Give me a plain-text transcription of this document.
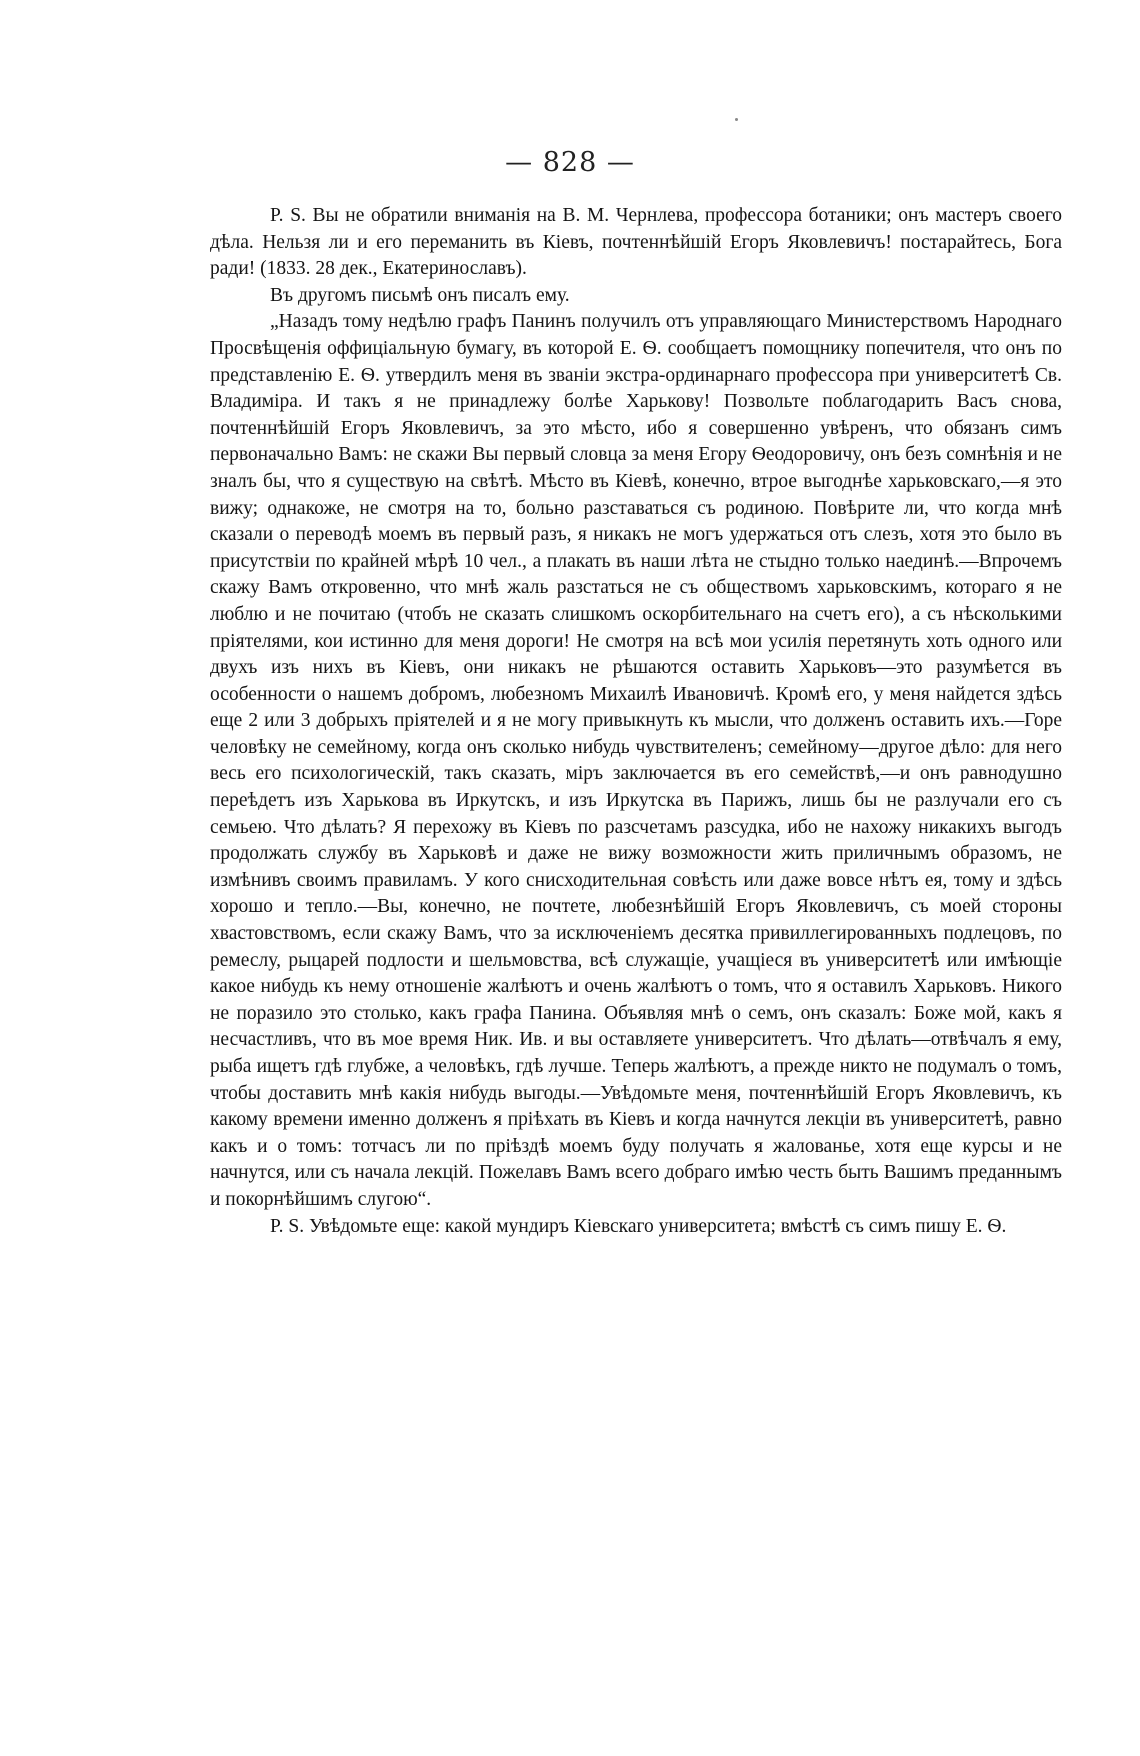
— 828 —

P. S. Вы не обратили вниманія на В. М. Чернлева, профессора ботаники; онъ мастеръ своего дѣла. Нельзя ли и его переманить въ Кіевъ, почтеннѣйшій Егоръ Яковлевичъ! постарайтесь, Бога ради! (1833. 28 дек., Екатеринославъ).

Въ другомъ письмѣ онъ писалъ ему.

„Назадъ тому недѣлю графъ Панинъ получилъ отъ управляющаго Министерствомъ Народнаго Просвѣщенія оффиціальную бумагу, въ которой Е. Ѳ. сообщаетъ помощнику попечителя, что онъ по представленію Е. Ѳ. утвердилъ меня въ званіи экстра-ординарнаго профессора при университетѣ Св. Владиміра. И такъ я не принадлежу болѣе Харькову! Позвольте поблагодарить Васъ снова, почтеннѣйшій Егоръ Яковлевичъ, за это мѣсто, ибо я совершенно увѣренъ, что обязанъ симъ первоначально Вамъ: не скажи Вы первый словца за меня Егору Ѳеодоровичу, онъ безъ сомнѣнія и не зналъ бы, что я существую на свѣтѣ. Мѣсто въ Кіевѣ, конечно, втрое выгоднѣе харьковскаго,—я это вижу; однакоже, не смотря на то, больно разставаться съ родиною. Повѣрите ли, что когда мнѣ сказали о переводѣ моемъ въ первый разъ, я никакъ не могъ удержаться отъ слезъ, хотя это было въ присутствіи по крайней мѣрѣ 10 чел., а плакать въ наши лѣта не стыдно только наединѣ.—Впрочемъ скажу Вамъ откровенно, что мнѣ жаль разстаться не съ обществомъ харьковскимъ, котораго я не люблю и не почитаю (чтобъ не сказать слишкомъ оскорбительнаго на счетъ его), а съ нѣсколькими пріятелями, кои истинно для меня дороги! Не смотря на всѣ мои усилія перетянуть хоть одного или двухъ изъ нихъ въ Кіевъ, они никакъ не рѣшаются оставить Харьковъ—это разумѣется въ особенности о нашемъ добромъ, любезномъ Михаилѣ Ивановичѣ. Кромѣ его, у меня найдется здѣсь еще 2 или 3 добрыхъ пріятелей и я не могу привыкнуть къ мысли, что долженъ оставить ихъ.—Горе человѣку не семейному, когда онъ сколько нибудь чувствителенъ; семейному—другое дѣло: для него весь его психологическій, такъ сказать, міръ заключается въ его семействѣ,—и онъ равнодушно переѣдетъ изъ Харькова въ Иркутскъ, и изъ Иркутска въ Парижъ, лишь бы не разлучали его съ семьею. Что дѣлать? Я перехожу въ Кіевъ по разсчетамъ разсудка, ибо не нахожу никакихъ выгодъ продолжать службу въ Харьковѣ и даже не вижу возможности жить приличнымъ образомъ, не измѣнивъ своимъ правиламъ. У кого снисходительная совѣсть или даже вовсе нѣтъ ея, тому и здѣсь хорошо и тепло.—Вы, конечно, не почтете, любезнѣйшій Егоръ Яковлевичъ, съ моей стороны хвастовствомъ, если скажу Вамъ, что за исключеніемъ десятка привиллегированныхъ подлецовъ, по ремеслу, рыцарей подлости и шельмовства, всѣ служащіе, учащіеся въ университетѣ или имѣющіе какое нибудь къ нему отношеніе жалѣютъ и очень жалѣютъ о томъ, что я оставилъ Харьковъ. Никого не поразило это столько, какъ графа Панина. Объявляя мнѣ о семъ, онъ сказалъ: Боже мой, какъ я несчастливъ, что въ мое время Ник. Ив. и вы оставляете университетъ. Что дѣлать—отвѣчалъ я ему, рыба ищетъ гдѣ глубже, а человѣкъ, гдѣ лучше. Теперь жалѣютъ, а прежде никто не подумалъ о томъ, чтобы доставить мнѣ какія нибудь выгоды.—Увѣдомьте меня, почтеннѣйшій Егоръ Яковлевичъ, къ какому времени именно долженъ я пріѣхать въ Кіевъ и когда начнутся лекціи въ университетѣ, равно какъ и о томъ: тотчасъ ли по пріѣздѣ моемъ буду получать я жалованье, хотя еще курсы и не начнутся, или съ начала лекцій. Пожелавъ Вамъ всего добраго имѣю честь быть Вашимъ преданнымъ и покорнѣйшимъ слугою“.

P. S. Увѣдомьте еще: какой мундиръ Кіевскаго университета; вмѣстѣ съ симъ пишу Е. Ѳ.
